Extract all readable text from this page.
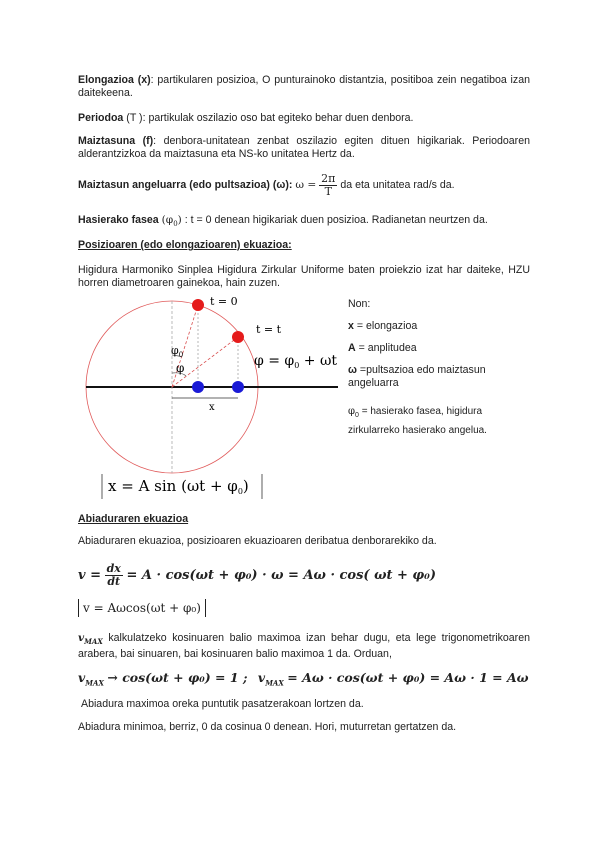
Elongazioa (x): partikularen posizioa, O punturainoko distantzia, positiboa zein negatiboa izan daitekeena.
Periodoa (T ): partikulak oszilazio oso bat egiteko behar duen denbora.
Maiztasuna (f): denbora-unitatean zenbat oszilazio egiten dituen higikariak. Periodoaren alderantzizkoa da maiztasuna eta NS-ko unitatea Hertz da.
Maiztasun angeluarra (edo pultsazioa) (ω): $\omega = \frac{2\pi}{T}$ da eta unitatea rad/s da.
Hasierako fasea $(\varphi_0)$ : t = 0 denean higikariak duen posizioa. Radianetan neurtzen da.
Posizioaren (edo elongazioaren) ekuazioa:
Higidura Harmoniko Sinplea Higidura Zirkular Uniforme baten proiekzio izat har daiteke, HZU horren diametroaren gainekoa, hain zuzen.
t = 0
t = t
$\varphi_0$
φ
x
$\varphi = \varphi_0 + \omega t$
x = A $\sin (\omega t + \varphi_0)$
Non:
x = elongazioa
A = anplitudea
ω =pultsazioa edo maiztasun angeluarra
$\varphi_0$ = hasierako fasea, higidura zirkularreko hasierako angelua.
Abiaduraren ekuazioa
Abiaduraren ekuazioa, posizioaren ekuazioaren deribatua denborarekiko da.
$v = \frac{dx}{dt} = A \cdot \cos(\omega t + \varphi_0) \cdot \omega = A\omega \cdot \cos$( ωt + φ₀)
v = Aωcos(ωt + φ₀)
$v_{MAX}$ kalkulatzeko kosinuaren balio maximoa izan behar dugu, eta lege trigonometrikoaren arabera, bai sinuaren, bai kosinuaren balio maximoa 1 da. Orduan,
$v_{MAX} \to \cos(\omega t + \varphi_0) = 1$ ; $v_{MAX} = A\omega \cdot \cos(\omega t + \varphi_0) = A\omega \cdot 1 = A\omega$
Abiadura maximoa oreka puntutik pasatzerakoan lortzen da.
Abiadura minimoa, berriz, 0 da cosinua 0 denean. Hori, muturretan gertatzen da.
